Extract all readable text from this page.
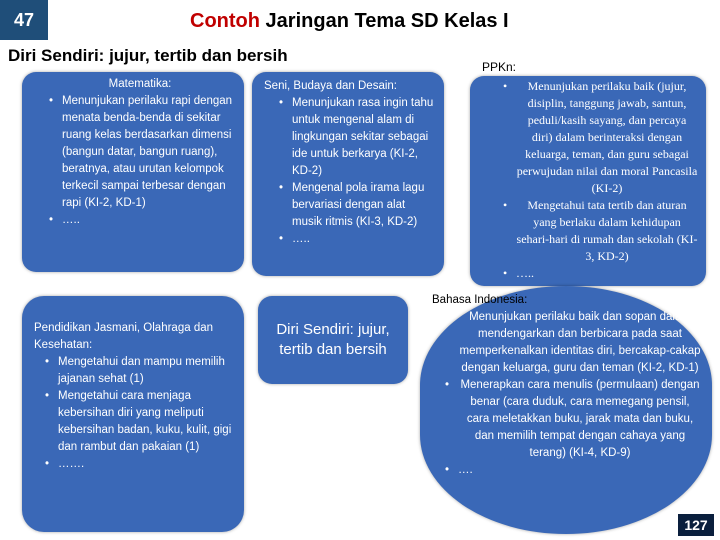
47	Contoh Jaringan Tema SD Kelas I
Diri Sendiri: jujur, tertib dan bersih
Matematika:
• Menunjukan perilaku rapi dengan menata benda-benda di sekitar ruang kelas berdasarkan dimensi (bangun datar, bangun ruang), beratnya, atau urutan kelompok terkecil sampai terbesar dengan rapi (KI-2, KD-1)
• …..
Seni, Budaya dan Desain:
• Menunjukan rasa ingin tahu untuk mengenal alam di lingkungan sekitar sebagai ide untuk berkarya (KI-2, KD-2)
• Mengenal pola irama lagu bervariasi dengan alat musik ritmis (KI-3, KD-2)
• …..
PPKn:
• Menunjukan perilaku baik (jujur, disiplin, tanggung jawab, santun, peduli/kasih sayang, dan percaya diri) dalam berinteraksi dengan keluarga, teman, dan guru sebagai perwujudan nilai dan moral Pancasila (KI-2)
• Mengetahui tata tertib dan aturan yang berlaku dalam kehidupan sehari-hari di rumah dan sekolah (KI-3, KD-2)
• …..
Pendidikan Jasmani, Olahraga dan Kesehatan:
• Mengetahui dan mampu memilih jajanan sehat (1)
• Mengetahui cara menjaga kebersihan diri yang meliputi kebersihan badan, kuku, kulit, gigi dan rambut dan pakaian (1)
• …….
Diri Sendiri: jujur, tertib dan bersih
Bahasa Indonesia:
• Menunjukan perilaku baik dan sopan dalam mendengarkan dan berbicara pada saat memperkenalkan identitas diri, bercakap-cakap dengan keluarga, guru dan teman (KI-2, KD-1)
• Menerapkan cara menulis (permulaan) dengan benar (cara duduk, cara memegang pensil, cara meletakkan buku, jarak mata dan buku, dan memilih tempat dengan cahaya yang terang) (KI-4, KD-9)
• ….
127
